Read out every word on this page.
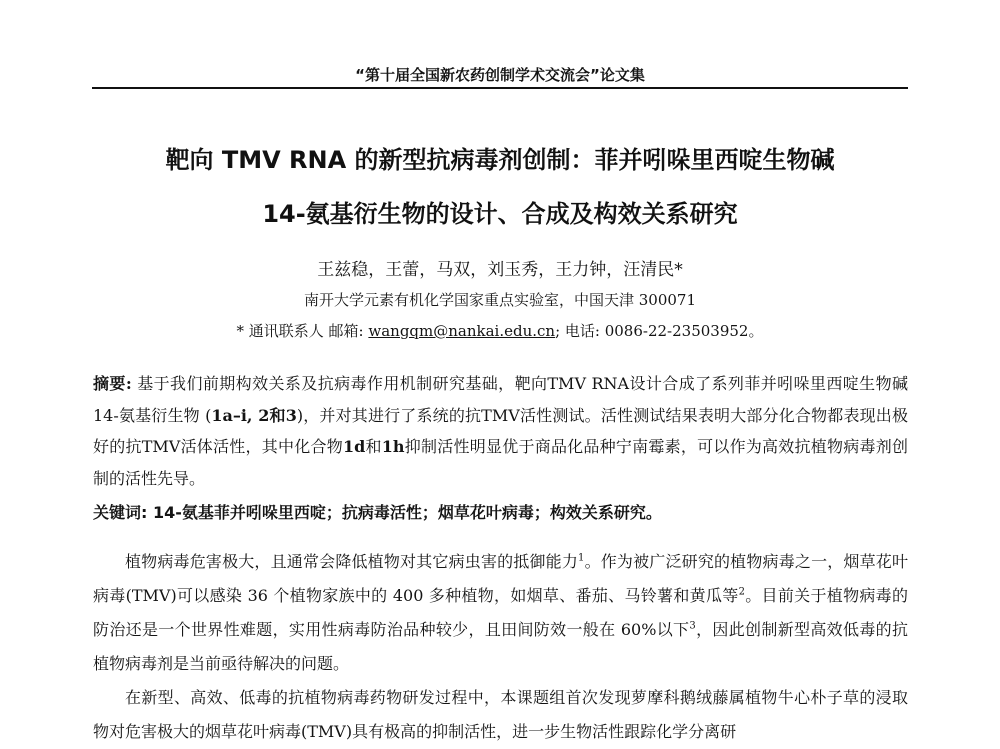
“第十届全国新农药创制学术交流会”论文集
靶向 TMV RNA 的新型抗病毒剂创制：菲并吲哚里西啶生物碱
14-氨基衍生物的设计、合成及构效关系研究
王兹稳，王蕾，马双，刘玉秀，王力钟，汪清民*
南开大学元素有机化学国家重点实验室，中国天津 300071
* 通讯联系人 邮箱: wangqm@nankai.edu.cn; 电话: 0086-22-23503952。
摘要: 基于我们前期构效关系及抗病毒作用机制研究基础，靶向TMV RNA设计合成了系列菲并吲哚里西啶生物碱14-氨基衍生物 (1a–i, 2和3)，并对其进行了系统的抗TMV活性测试。活性测试结果表明大部分化合物都表现出极好的抗TMV活体活性，其中化合物1d和1h抑制活性明显优于商品化品种宁南霉素，可以作为高效抗植物病毒剂创制的活性先导。
关键词: 14-氨基菲并吲哚里西啶；抗病毒活性；烟草花叶病毒；构效关系研究。

植物病毒危害极大，且通常会降低植物对其它病虫害的抵御能力$^1$。作为被广泛研究的植物病毒之一，烟草花叶病毒(TMV)可以感染 36 个植物家族中的 400 多种植物，如烟草、番茄、马铃薯和黄瓜等$^2$。目前关于植物病毒的防治还是一个世界性难题，实用性病毒防治品种较少，且田间防效一般在 60%以下$^3$，因此创制新型高效低毒的抗植物病毒剂是当前亟待解决的问题。

在新型、高效、低毒的抗植物病毒药物研发过程中，本课题组首次发现萝摩科鹅绒藤属植物牛心朴子草的浸取物对危害极大的烟草花叶病毒(TMV)具有极高的抑制活性，进一步生物活性跟踪化学分离研
